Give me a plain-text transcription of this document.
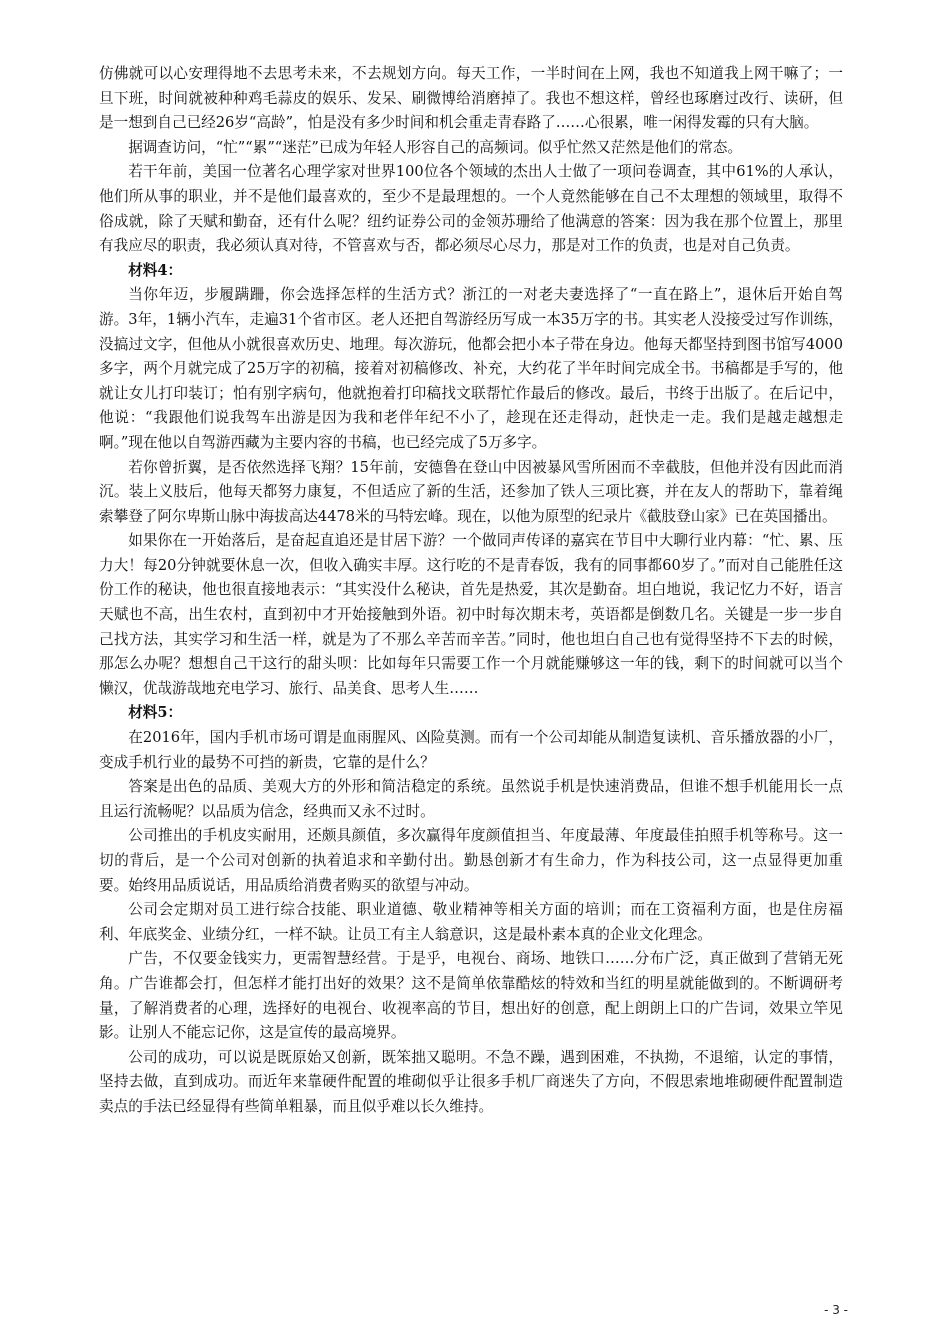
仿佛就可以心安理得地不去思考未来，不去规划方向。每天工作，一半时间在上网，我也不知道我上网干嘛了；一旦下班，时间就被种种鸡毛蒜皮的娱乐、发呆、刷微博给消磨掉了。我也不想这样，曾经也琢磨过改行、读研，但是一想到自己已经26岁“高龄”，怕是没有多少时间和机会重走青春路了……心很累，唯一闲得发霉的只有大脑。

据调查访问，“忙”“累”“迷茫”已成为年轻人形容自己的高频词。似乎忙然又茫然是他们的常态。

若干年前，美国一位著名心理学家对世界100位各个领域的杰出人士做了一项问卷调查，其中61%的人承认，他们所从事的职业，并不是他们最喜欢的，至少不是最理想的。一个人竟然能够在自己不太理想的领域里，取得不俗成就，除了天赋和勤奋，还有什么呢？纽约证券公司的金领苏珊给了他满意的答案：因为我在那个位置上，那里有我应尽的职责，我必须认真对待，不管喜欢与否，都必须尽心尽力，那是对工作的负责，也是对自己负责。

材料4：

当你年迈，步履蹒跚，你会选择怎样的生活方式？浙江的一对老夫妻选择了“一直在路上”，退休后开始自驾游。3年，1辆小汽车，走遍31个省市区。老人还把自驾游经历写成一本35万字的书。其实老人没接受过写作训练，没搞过文字，但他从小就很喜欢历史、地理。每次游玩，他都会把小本子带在身边。他每天都坚持到图书馆写4000多字，两个月就完成了25万字的初稿，接着对初稿修改、补充，大约花了半年时间完成全书。书稿都是手写的，他就让女儿打印装订；怕有别字病句，他就抱着打印稿找文联帮忙作最后的修改。最后，书终于出版了。在后记中，他说：“我跟他们说我驾车出游是因为我和老伴年纪不小了，趁现在还走得动，赶快走一走。我们是越走越想走啊。”现在他以自驾游西藏为主要内容的书稿，也已经完成了5万多字。

若你曾折翼，是否依然选择飞翔？15年前，安德鲁在登山中因被暴风雪所困而不幸截肢，但他并没有因此而消沉。装上义肢后，他每天都努力康复，不但适应了新的生活，还参加了铁人三项比赛，并在友人的帮助下，靠着绳索攀登了阿尔卑斯山脉中海拔高达4478米的马特宏峰。现在，以他为原型的纪录片《截肢登山家》已在英国播出。

如果你在一开始落后，是奋起直追还是甘居下游？一个做同声传译的嘉宾在节目中大聊行业内幕：“忙、累、压力大！每20分钟就要休息一次，但收入确实丰厚。这行吃的不是青春饭，我有的同事都60岁了。”而对自己能胜任这份工作的秘诀，他也很直接地表示：“其实没什么秘诀，首先是热爱，其次是勤奋。坦白地说，我记忆力不好，语言天赋也不高，出生农村，直到初中才开始接触到外语。初中时每次期末考，英语都是倒数几名。关键是一步一步自己找方法，其实学习和生活一样，就是为了不那么辛苦而辛苦。”同时，他也坦白自己也有觉得坚持不下去的时候，那怎么办呢？想想自己干这行的甜头呗：比如每年只需要工作一个月就能赚够这一年的钱，剩下的时间就可以当个懒汉，优哉游哉地充电学习、旅行、品美食、思考人生……

材料5：

在2016年，国内手机市场可谓是血雨腥风、凶险莫测。而有一个公司却能从制造复读机、音乐播放器的小厂，变成手机行业的最势不可挡的新贵，它靠的是什么？

答案是出色的品质、美观大方的外形和简洁稳定的系统。虽然说手机是快速消费品，但谁不想手机能用长一点且运行流畅呢？以品质为信念，经典而又永不过时。

公司推出的手机皮实耐用，还颇具颜值，多次赢得年度颜值担当、年度最薄、年度最佳拍照手机等称号。这一切的背后，是一个公司对创新的执着追求和辛勤付出。勤恳创新才有生命力，作为科技公司，这一点显得更加重要。始终用品质说话，用品质给消费者购买的欲望与冲动。

公司会定期对员工进行综合技能、职业道德、敬业精神等相关方面的培训；而在工资福利方面，也是住房福利、年底奖金、业绩分红，一样不缺。让员工有主人翁意识，这是最朴素本真的企业文化理念。

广告，不仅要金钱实力，更需智慧经营。于是乎，电视台、商场、地铁口……分布广泛，真正做到了营销无死角。广告谁都会打，但怎样才能打出好的效果？这不是简单依靠酷炫的特效和当红的明星就能做到的。不断调研考量，了解消费者的心理，选择好的电视台、收视率高的节目，想出好的创意，配上朗朗上口的广告词，效果立竿见影。让别人不能忘记你，这是宣传的最高境界。

公司的成功，可以说是既原始又创新，既笨拙又聪明。不急不躁，遇到困难，不执拗，不退缩，认定的事情，坚持去做，直到成功。而近年来靠硬件配置的堆砌似乎让很多手机厂商迷失了方向，不假思索地堆砌硬件配置制造卖点的手法已经显得有些简单粗暴，而且似乎难以长久维持。

- 3 -
